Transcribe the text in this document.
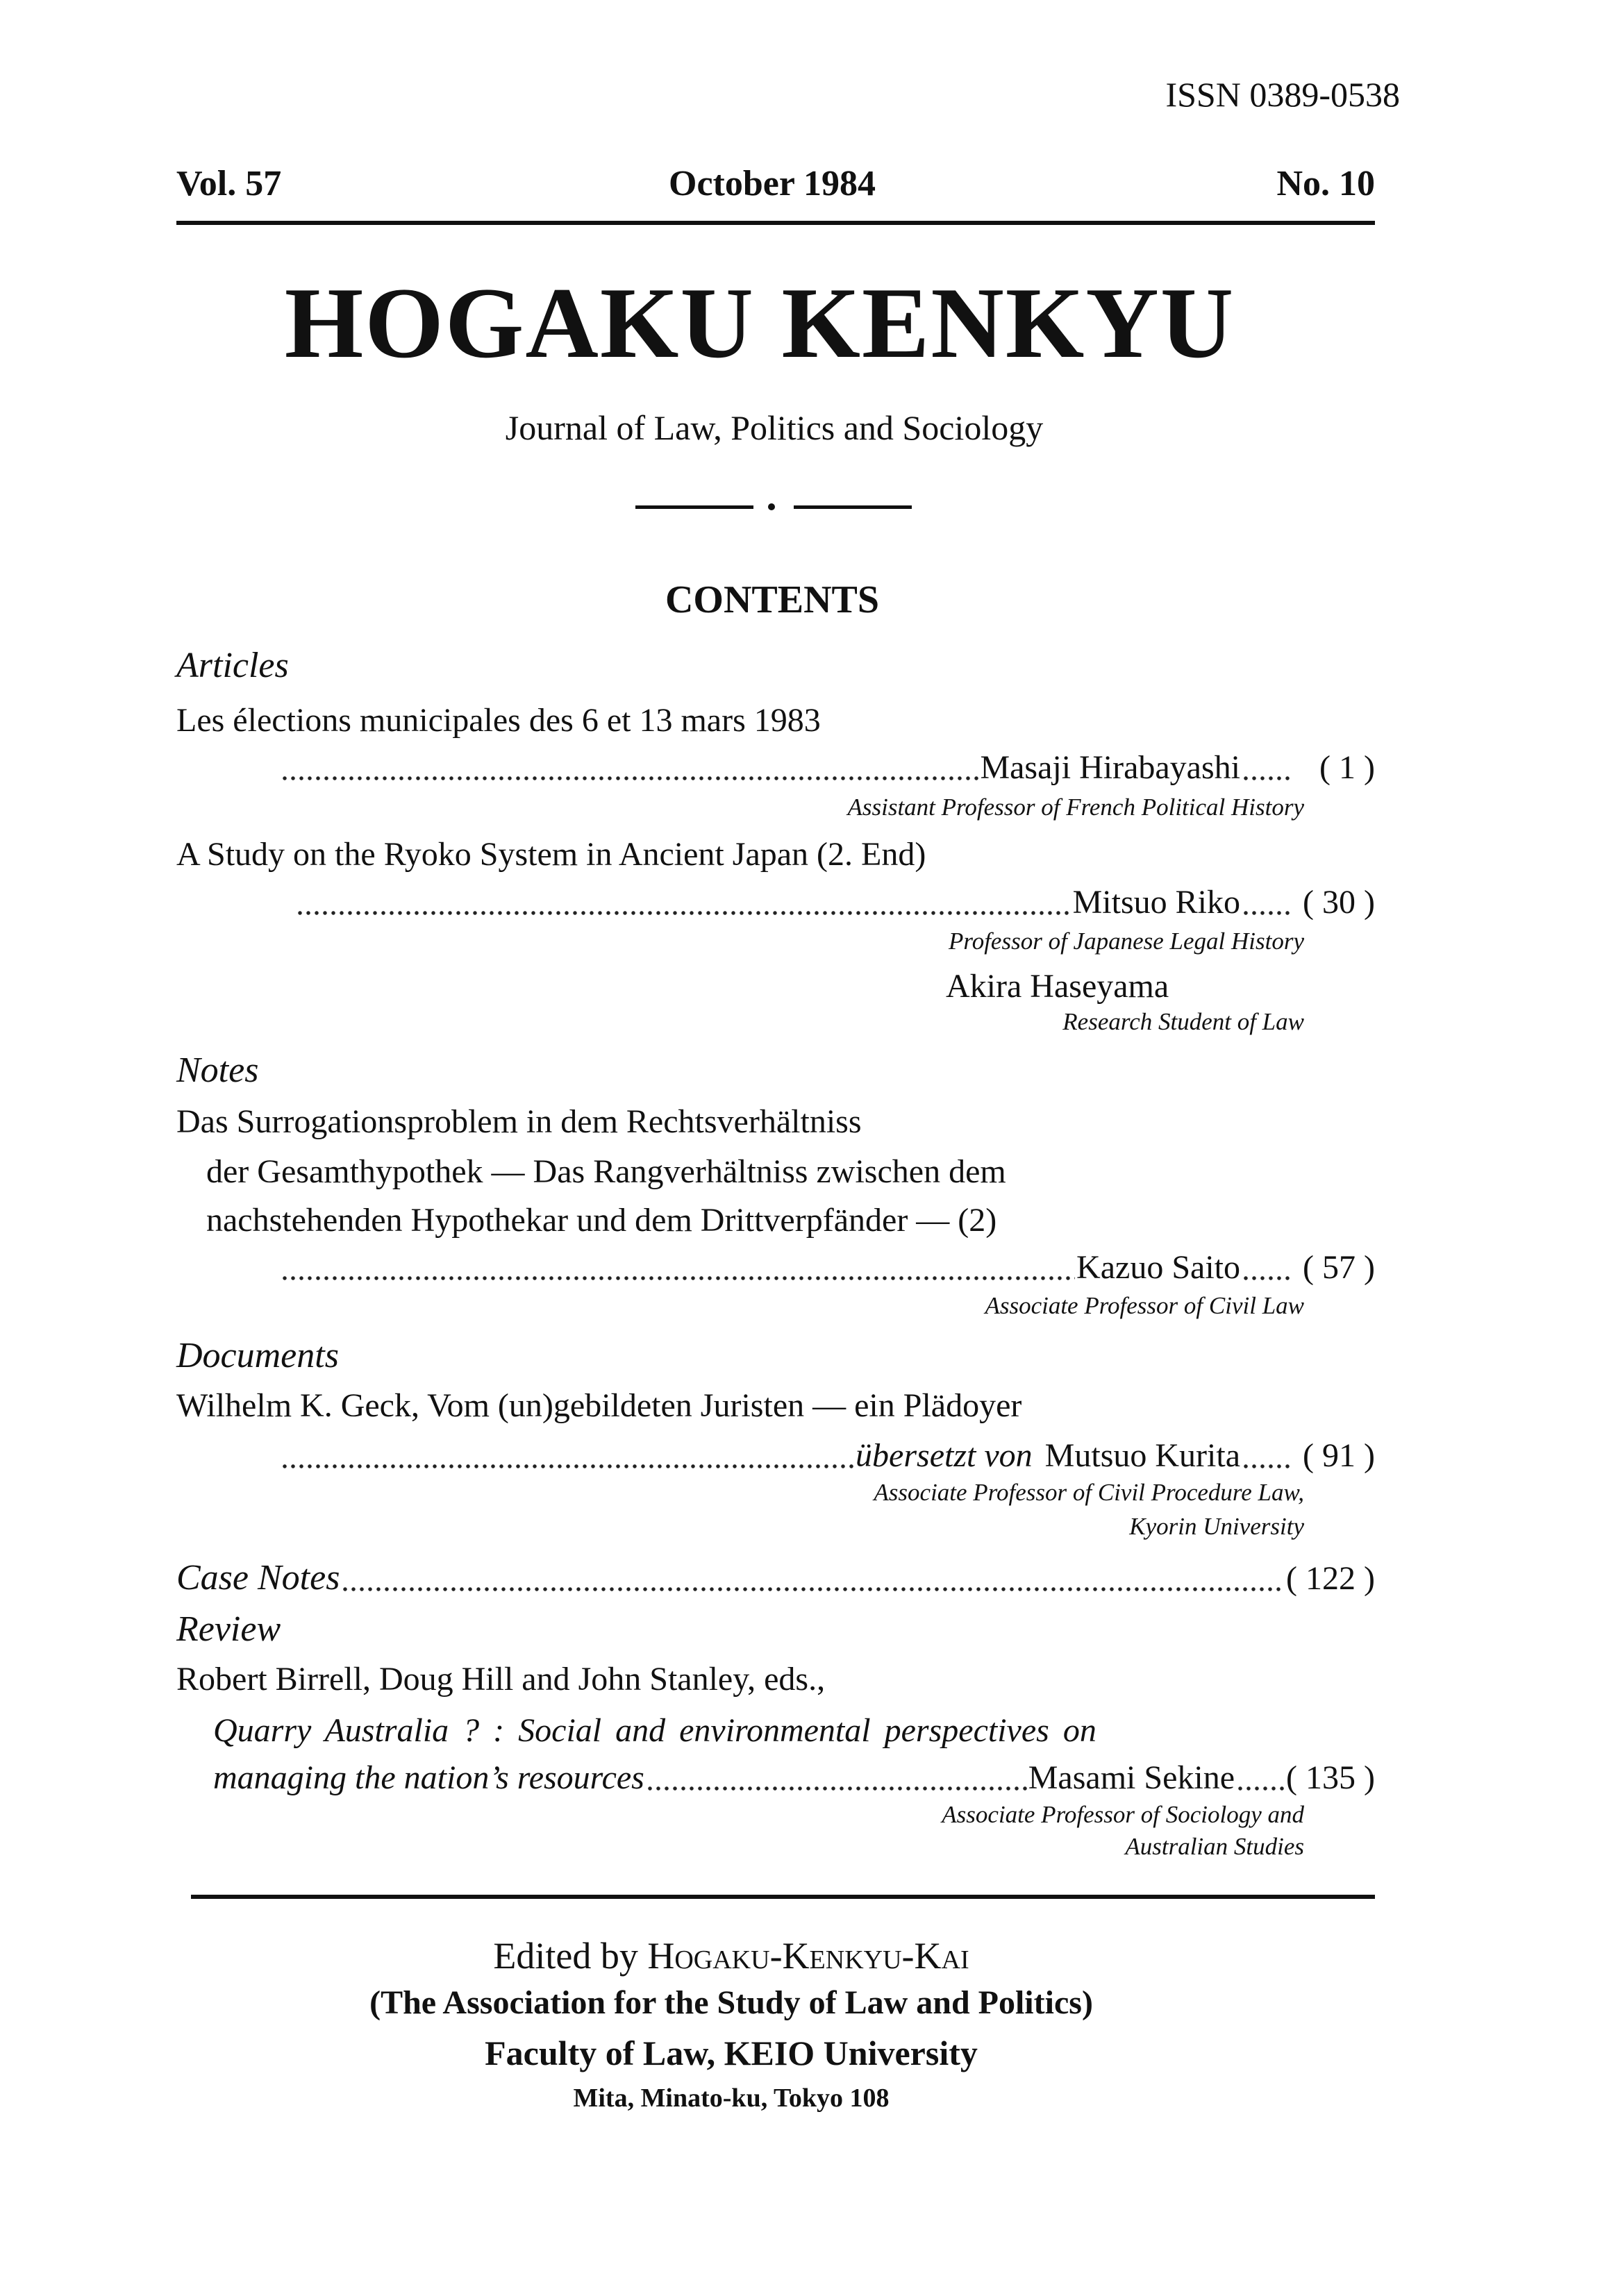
ISSN 0389-0538
Vol. 57	October 1984	No. 10
HOGAKU KENKYU
Journal of Law, Politics and Sociology
CONTENTS
Articles
Les élections municipales des 6 et 13 mars 1983
Masaji Hirabayashi	( 1 )
Assistant Professor of French Political History
A Study on the Ryoko System in Ancient Japan (2. End)
Mitsuo Riko	( 30 )
Professor of Japanese Legal History
Akira Haseyama
Research Student of Law
Notes
Das Surrogationsproblem in dem Rechtsverhältniss
der Gesamthypothek — Das Rangverhältniss zwischen dem
nachstehenden Hypothekar und dem Drittverpfänder — (2)
Kazuo Saito	( 57 )
Associate Professor of Civil Law
Documents
Wilhelm K. Geck, Vom (un)gebildeten Juristen — ein Plädoyer
übersetzt von Mutsuo Kurita	( 91 )
Associate Professor of Civil Procedure Law,
Kyorin University
Case Notes	( 122 )
Review
Robert Birrell, Doug Hill and John Stanley, eds.,
Quarry Australia ? : Social and environmental perspectives on
managing the nation’s resources	Masami Sekine ( 135 )
Associate Professor of Sociology and
Australian Studies
Edited by Hogaku-Kenkyu-Kai
(The Association for the Study of Law and Politics)
Faculty of Law, KEIO University
Mita, Minato-ku, Tokyo 108
